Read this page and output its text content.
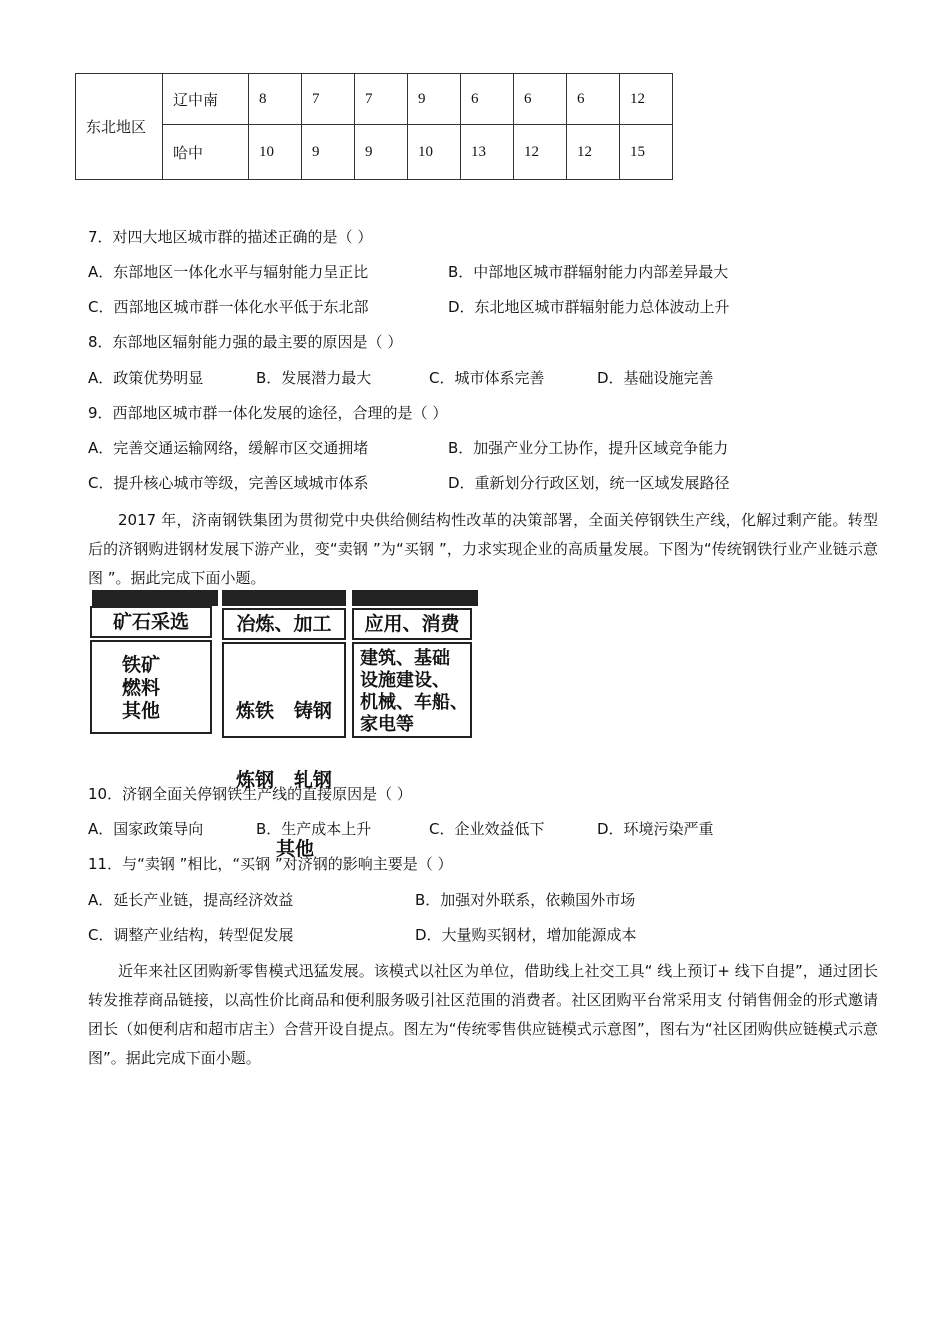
东北地区	辽中南	8	7	7	9	6	6	6	12
	哈中	10	9	9	10	13	12	12	15
7．对四大地区城市群的描述正确的是（ ）
A．东部地区一体化水平与辐射能力呈正比	B．中部地区城市群辐射能力内部差异最大
C．西部地区城市群一体化水平低于东北部	D．东北地区城市群辐射能力总体波动上升
8．东部地区辐射能力强的最主要的原因是（ ）
A．政策优势明显	B．发展潜力最大	C．城市体系完善	D．基础设施完善
9．西部地区城市群一体化发展的途径，合理的是（ ）
A．完善交通运输网络，缓解市区交通拥堵	B．加强产业分工协作，提升区域竞争能力
C．提升核心城市等级，完善区域城市体系	D．重新划分行政区划，统一区域发展路径
2017 年，济南钢铁集团为贯彻党中央供给侧结构性改革的决策部署，全面关停钢铁生产线，化解过剩产能。转型后的济钢购进钢材发展下游产业，变“卖钢 ”为“买钢 ”，力求实现企业的高质量发展。下图为“传统钢铁行业产业链示意图 ”。据此完成下面小题。
矿石采选	冶炼、加工	应用、消费
铁矿
燃料
其他

	炼铁   铸钢

炼钢   轧钢

其他

建筑、基础
设施建设、
机械、车船、
家电等
10．济钢全面关停钢铁生产线的直接原因是（ ）
A．国家政策导向	B．生产成本上升	C．企业效益低下	D．环境污染严重
11．与“卖钢 ”相比，“买钢 ”对济钢的影响主要是（ ）
A．延长产业链，提高经济效益	B．加强对外联系，依赖国外市场
C．调整产业结构，转型促发展	D．大量购买钢材，增加能源成本
近年来社区团购新零售模式迅猛发展。该模式以社区为单位，借助线上社交工具“ 线上预订+ 线下自提”，通过团长转发推荐商品链接，以高性价比商品和便利服务吸引社区范围的消费者。社区团购平台常采用支 付销售佣金的形式邀请团长（如便利店和超市店主）合营开设自提点。图左为“传统零售供应链模式示意图”，图右为“社区团购供应链模式示意图”。据此完成下面小题。
